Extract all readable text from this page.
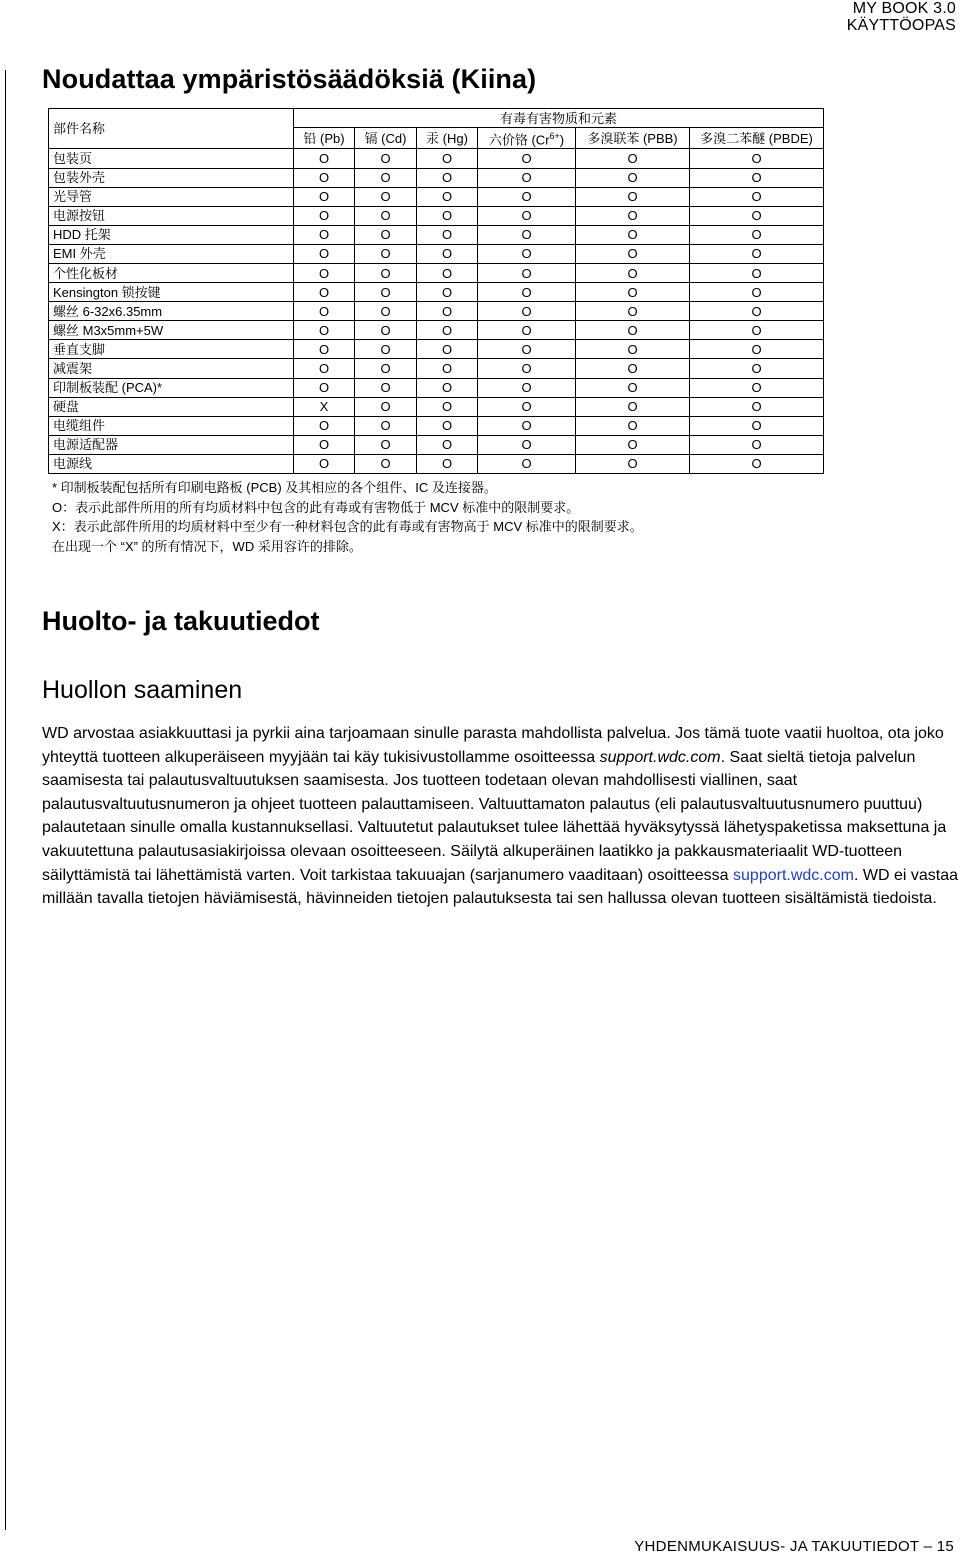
MY BOOK 3.0
KÄYTTÖOPAS
Noudattaa ympäristösäädöksiä (Kiina)
部件名称	有毒有害物质和元素					
	铅 (Pb)	镉 (Cd)	汞 (Hg)	六价铬 $(Cr^{6+})$	多溴联苯 (PBB)	多溴二苯醚 (PBDE)
包装页	O	O	O	O	O	O
包装外壳	O	O	O	O	O	O
光导管	O	O	O	O	O	O
电源按钮	O	O	O	O	O	O
HDD 托架	O	O	O	O	O	O
EMI 外壳	O	O	O	O	O	O
个性化板材	O	O	O	O	O	O
Kensington 锁按键	O	O	O	O	O	O
螺丝 6-32x6.35mm	O	O	O	O	O	O
螺丝 M3x5mm+5W	O	O	O	O	O	O
垂直支脚	O	O	O	O	O	O
减震架	O	O	O	O	O	O
印制板装配 (PCA)*	O	O	O	O	O	O
硬盘	X	O	O	O	O	O
电缆组件	O	O	O	O	O	O
电源适配器	O	O	O	O	O	O
电源线	O	O	O	O	O	O
* 印制板装配包括所有印刷电路板 (PCB) 及其相应的各个组件、IC 及连接器。
O：表示此部件所用的所有均质材料中包含的此有毒或有害物低于 MCV 标准中的限制要求。
X：表示此部件所用的均质材料中至少有一种材料包含的此有毒或有害物高于 MCV 标准中的限制要求。
在出现一个 “X” 的所有情况下，WD 采用容许的排除。
Huolto- ja takuutiedot
Huollon saaminen

WD arvostaa asiakkuuttasi ja pyrkii aina tarjoamaan sinulle parasta mahdollista palvelua. Jos tämä tuote vaatii huoltoa, ota joko yhteyttä tuotteen alkuperäiseen myyjään tai käy tukisivustollamme osoitteessa support.wdc.com. Saat sieltä tietoja palvelun saamisesta tai palautusvaltuutuksen saamisesta. Jos tuotteen todetaan olevan mahdollisesti viallinen, saat palautusvaltuutusnumeron ja ohjeet tuotteen palauttamiseen. Valtuuttamaton palautus (eli palautusvaltuutusnumero puuttuu) palautetaan sinulle omalla kustannuksellasi. Valtuutetut palautukset tulee lähettää hyväksytyssä lähetyspaketissa maksettuna ja vakuutettuna palautusasiakirjoissa olevaan osoitteeseen. Säilytä alkuperäinen laatikko ja pakkausmateriaalit WD-tuotteen säilyttämistä tai lähettämistä varten. Voit tarkistaa takuuajan (sarjanumero vaaditaan) osoitteessa support.wdc.com. WD ei vastaa millään tavalla tietojen häviämisestä, hävinneiden tietojen palautuksesta tai sen hallussa olevan tuotteen sisältämistä tiedoista.

YHDENMUKAISUUS- JA TAKUUTIEDOT – 15
